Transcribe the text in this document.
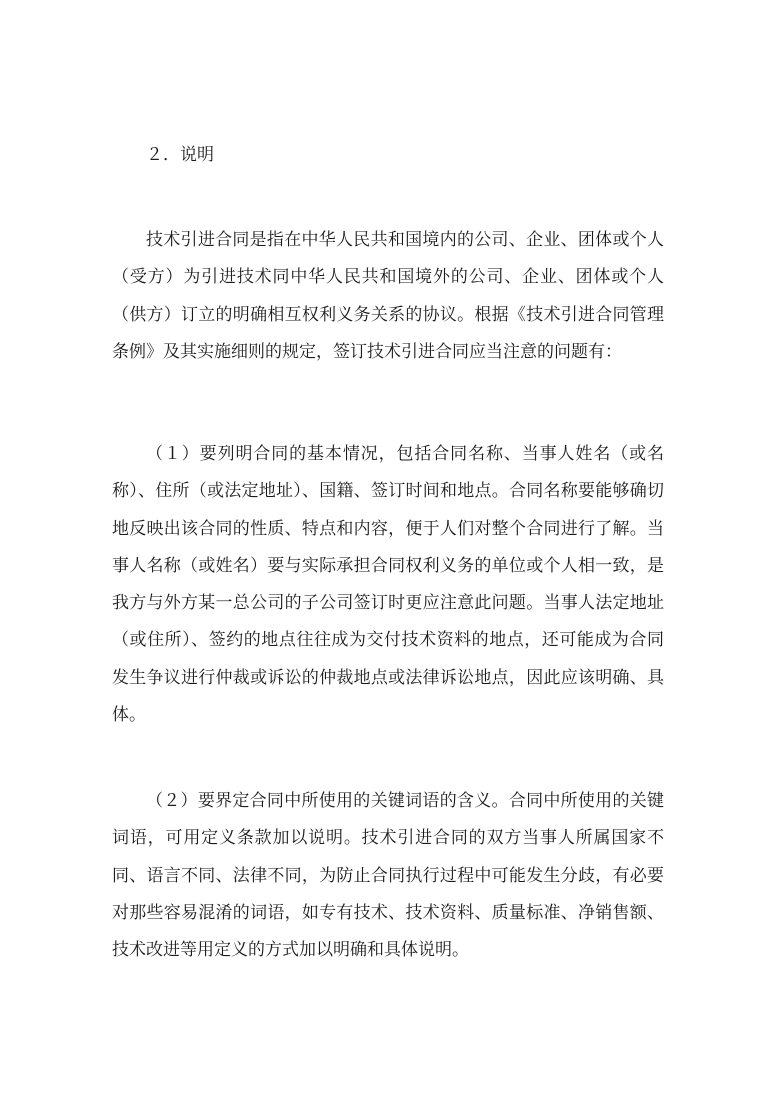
２．说明

技术引进合同是指在中华人民共和国境内的公司、企业、团体或个人（受方）为引进技术同中华人民共和国境外的公司、企业、团体或个人（供方）订立的明确相互权利义务关系的协议。根据《技术引进合同管理条例》及其实施细则的规定，签订技术引进合同应当注意的问题有：

（１）要列明合同的基本情况，包括合同名称、当事人姓名（或名称）、住所（或法定地址）、国籍、签订时间和地点。合同名称要能够确切地反映出该合同的性质、特点和内容，便于人们对整个合同进行了解。当事人名称（或姓名）要与实际承担合同权利义务的单位或个人相一致，是我方与外方某一总公司的子公司签订时更应注意此问题。当事人法定地址（或住所）、签约的地点往往成为交付技术资料的地点，还可能成为合同发生争议进行仲裁或诉讼的仲裁地点或法律诉讼地点，因此应该明确、具体。

（２）要界定合同中所使用的关键词语的含义。合同中所使用的关键词语，可用定义条款加以说明。技术引进合同的双方当事人所属国家不同、语言不同、法律不同，为防止合同执行过程中可能发生分歧，有必要对那些容易混淆的词语，如专有技术、技术资料、质量标准、净销售额、技术改进等用定义的方式加以明确和具体说明。
